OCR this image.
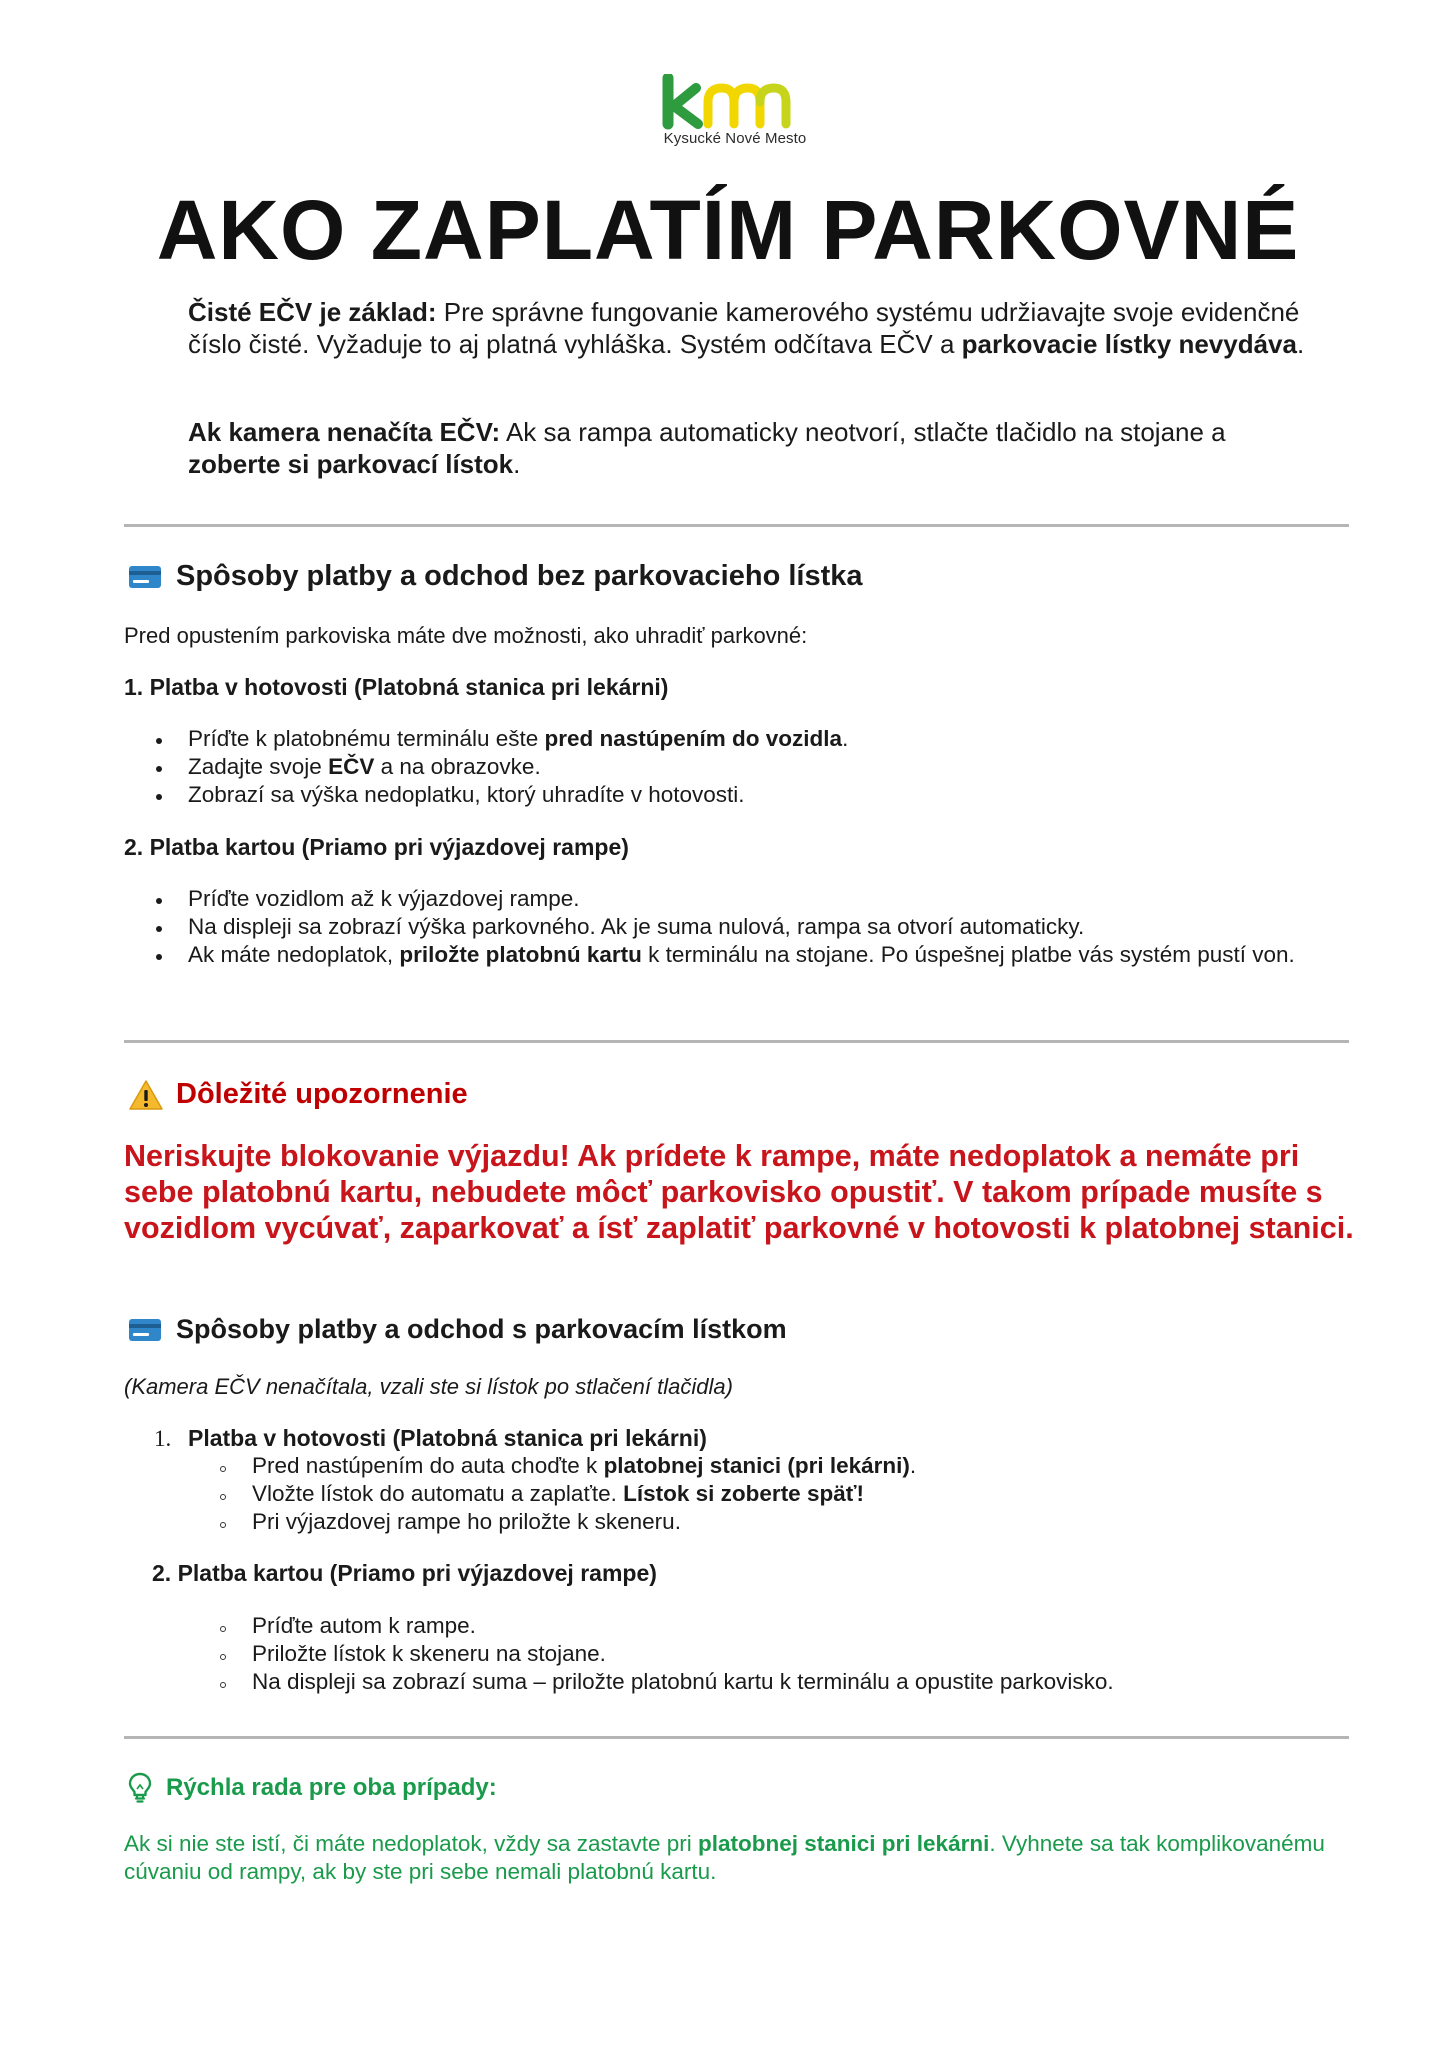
Kysucké Nové Mesto
AKO ZAPLATÍM PARKOVNÉ

Čisté EČV je základ: Pre správne fungovanie kamerového systému udržiavajte svoje evidenčné číslo čisté. Vyžaduje to aj platná vyhláška. Systém odčítava EČV a parkovacie lístky nevydáva.

Ak kamera nenačíta EČV: Ak sa rampa automaticky neotvorí, stlačte tlačidlo na stojane a zoberte si parkovací lístok.

Spôsoby platby a odchod bez parkovacieho lístka

Pred opustením parkoviska máte dve možnosti, ako uhradiť parkovné:

1. Platba v hotovosti (Platobná stanica pri lekárni)

Príďte k platobnému terminálu ešte pred nastúpením do vozidla.
Zadajte svoje EČV a na obrazovke.
Zobrazí sa výška nedoplatku, ktorý uhradíte v hotovosti.

2. Platba kartou (Priamo pri výjazdovej rampe)

Príďte vozidlom až k výjazdovej rampe.
Na displeji sa zobrazí výška parkovného. Ak je suma nulová, rampa sa otvorí automaticky.
Ak máte nedoplatok, priložte platobnú kartu k terminálu na stojane. Po úspešnej platbe vás systém pustí von.
Dôležité upozornenie

Neriskujte blokovanie výjazdu! Ak prídete k rampe, máte nedoplatok a nemáte pri sebe platobnú kartu, nebudete môcť parkovisko opustiť. V takom prípade musíte s vozidlom vycúvať, zaparkovať a ísť zaplatiť parkovné v hotovosti k platobnej stanici.

Spôsoby platby a odchod s parkovacím lístkom

(Kamera EČV nenačítala, vzali ste si lístok po stlačení tlačidla)

1. Platba v hotovosti (Platobná stanica pri lekárni)
Pred nastúpením do auta choďte k platobnej stanici (pri lekárni).
Vložte lístok do automatu a zaplaťte. Lístok si zoberte späť!
Pri výjazdovej rampe ho priložte k skeneru.

2. Platba kartou (Priamo pri výjazdovej rampe)

Príďte autom k rampe.
Priložte lístok k skeneru na stojane.
Na displeji sa zobrazí suma – priložte platobnú kartu k terminálu a opustite parkovisko.
Rýchla rada pre oba prípady:

Ak si nie ste istí, či máte nedoplatok, vždy sa zastavte pri platobnej stanici pri lekárni. Vyhnete sa tak komplikovanému cúvaniu od rampy, ak by ste pri sebe nemali platobnú kartu.
